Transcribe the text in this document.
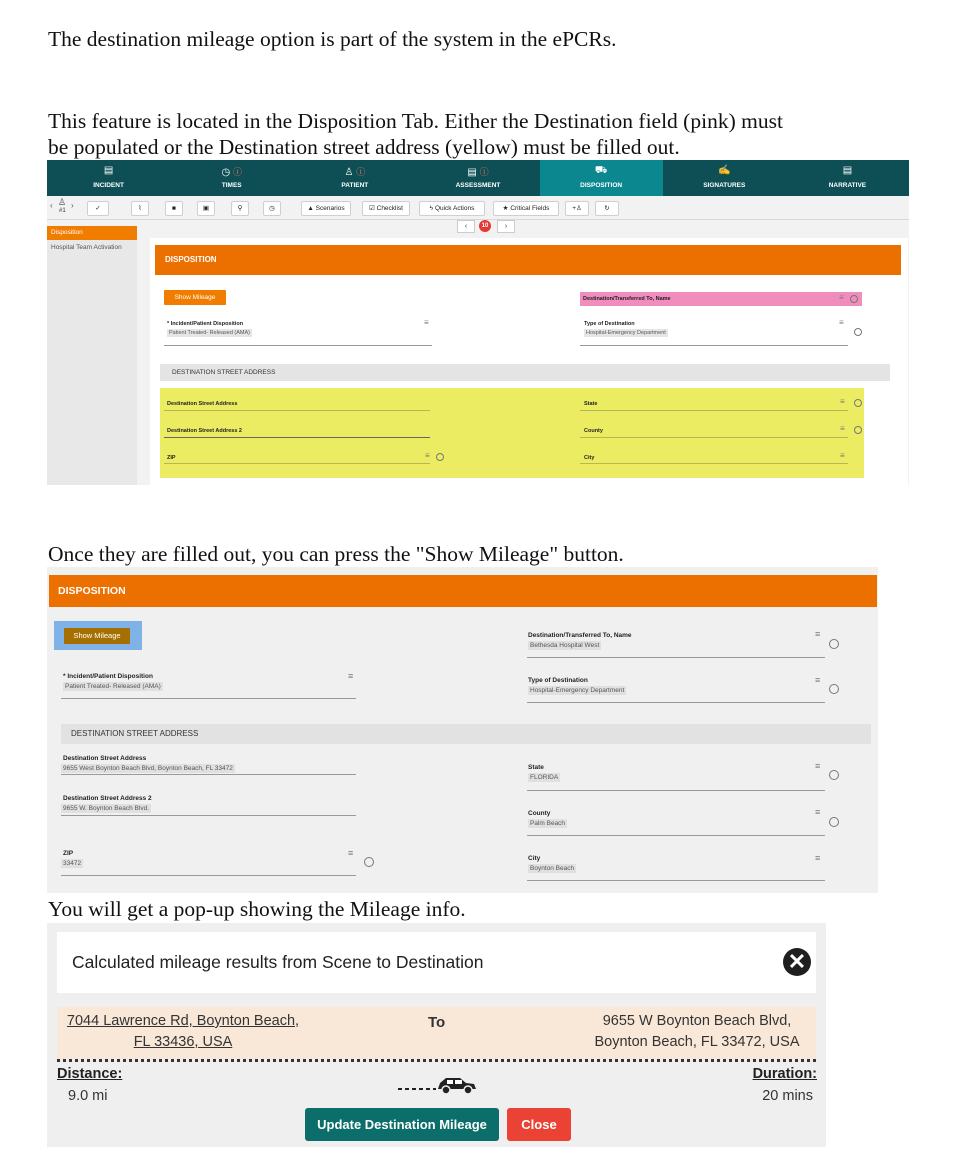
The destination mileage option is part of the system in the ePCRs.
This feature is located in the Disposition Tab. Either the Destination field (pink) must
be populated or the Destination street address (yellow) must be filled out.
▤
INCIDENT
◷ ⓘ
TIMES
♙ ⓘ
PATIENT
▤ ⓘ
ASSESSMENT
⛟
DISPOSITION
✍
SIGNATURES
▤
NARRATIVE
‹ ♙
#1
›	✓	⌇	■	▣	⚲	◷	▲ Scenarios	☑ Checklist	ϟ Quick Actions	★ Critical Fields	+♙	↻
‹	10	›
Disposition
Hospital Team Activation
DISPOSITION
Show Mileage	Destination/Transferred To, Name	≡
* Incident/Patient Disposition
Patient Treated- Released (AMA)
≡	Type of Destination
Hospital-Emergency Department
≡
DESTINATION STREET ADDRESS
Destination Street Address
Destination Street Address 2
ZIP	≡
State	≡
County	≡
City	≡
Once they are filled out, you can press the "Show Mileage" button.
DISPOSITION
Show Mileage	Destination/Transferred To, Name
Bethesda Hospital West
≡
* Incident/Patient Disposition
Patient Treated- Released (AMA)
≡	Type of Destination
Hospital-Emergency Department
≡
DESTINATION STREET ADDRESS
Destination Street Address
9655 West Boynton Beach Blvd, Boynton Beach, FL 33472
Destination Street Address 2
9655 W. Boynton Beach Blvd.
ZIP
33472
≡
State
FLORIDA
≡
County
Palm Beach
≡
City
Boynton Beach
≡
You will get a pop-up showing the Mileage info.
Calculated mileage results from Scene to Destination	✕
7044 Lawrence Rd, Boynton Beach,
FL 33436, USA
To	9655 W Boynton Beach Blvd,
Boynton Beach, FL 33472, USA
Distance:
9.0 mi
Duration:
20 mins
Update Destination Mileage	Close
